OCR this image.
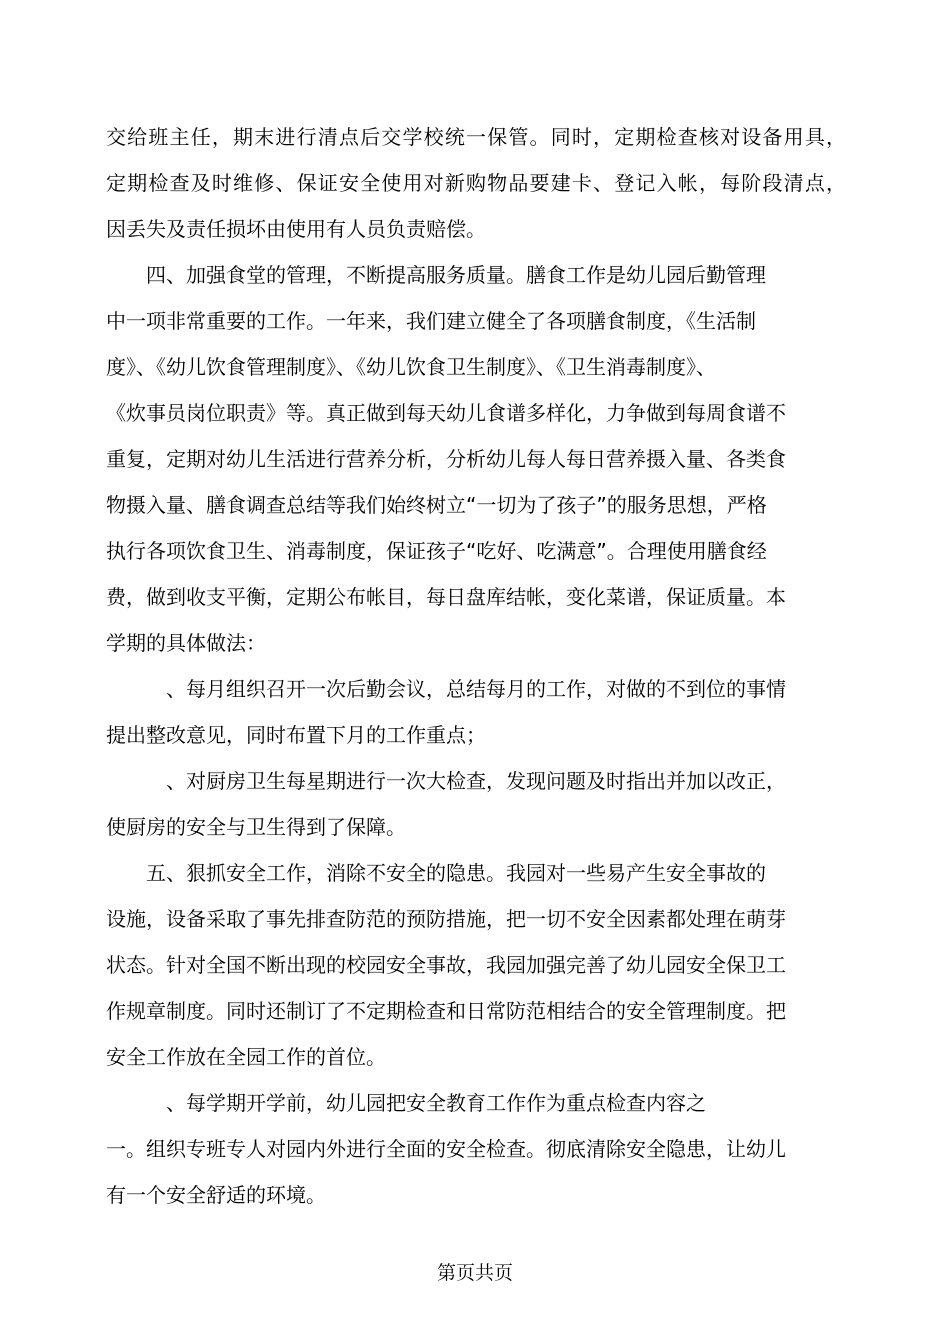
交给班主任，期末进行清点后交学校统一保管。同时，定期检查核对设备用具，
定期检查及时维修、保证安全使用对新购物品要建卡、登记入帐，每阶段清点，
因丢失及责任损坏由使用有人员负责赔偿。
　　四、加强食堂的管理，不断提高服务质量。膳食工作是幼儿园后勤管理
中一项非常重要的工作。一年来，我们建立健全了各项膳食制度，《生活制
度》、《幼儿饮食管理制度》、《幼儿饮食卫生制度》、《卫生消毒制度》、
《炊事员岗位职责》等。真正做到每天幼儿食谱多样化，力争做到每周食谱不
重复，定期对幼儿生活进行营养分析，分析幼儿每人每日营养摄入量、各类食
物摄入量、膳食调查总结等我们始终树立“一切为了孩子”的服务思想，严格
执行各项饮食卫生、消毒制度，保证孩子“吃好、吃满意”。合理使用膳食经
费，做到收支平衡，定期公布帐目，每日盘库结帐，变化菜谱，保证质量。本
学期的具体做法：
　　　、每月组织召开一次后勤会议，总结每月的工作，对做的不到位的事情
提出整改意见，同时布置下月的工作重点；
　　　、对厨房卫生每星期进行一次大检查，发现问题及时指出并加以改正，
使厨房的安全与卫生得到了保障。
　　五、狠抓安全工作，消除不安全的隐患。我园对一些易产生安全事故的
设施，设备采取了事先排查防范的预防措施，把一切不安全因素都处理在萌芽
状态。针对全国不断出现的校园安全事故，我园加强完善了幼儿园安全保卫工
作规章制度。同时还制订了不定期检查和日常防范相结合的安全管理制度。把
安全工作放在全园工作的首位。
　　　、每学期开学前，幼儿园把安全教育工作作为重点检查内容之
一。组织专班专人对园内外进行全面的安全检查。彻底清除安全隐患，让幼儿
有一个安全舒适的环境。
第页共页
